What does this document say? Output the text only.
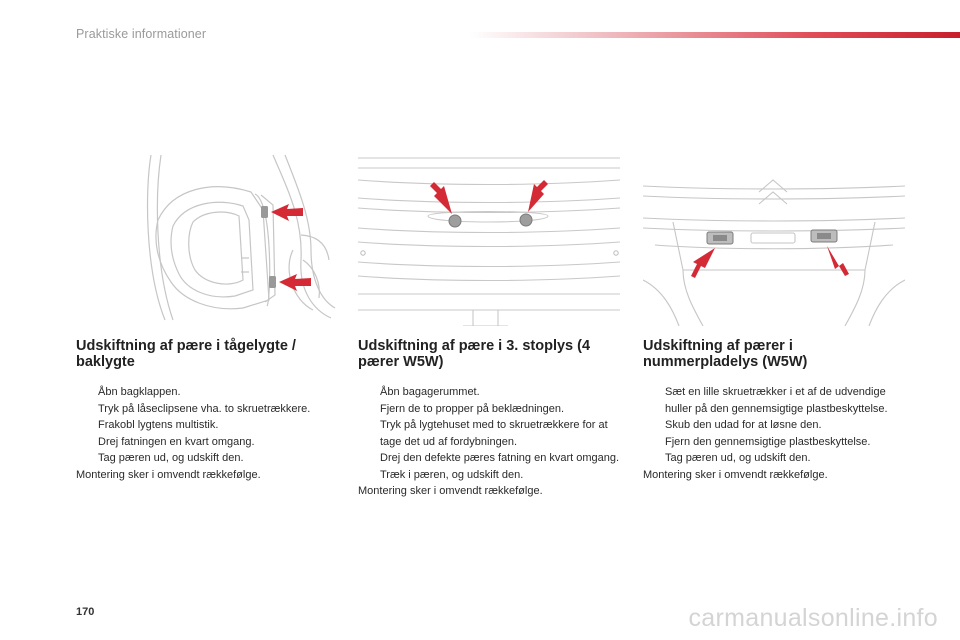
Praktiske informationer
Udskiftning af pære i tågelygte / baklygte
Åbn bagklappen.
Tryk på låseclipsene vha. to skruetrækkere.
Frakobl lygtens multistik.
Drej fatningen en kvart omgang.
Tag pæren ud, og udskift den.

Montering sker i omvendt rækkefølge.

Udskiftning af pære i 3. stoplys (4 pærer W5W)
Åbn bagagerummet.
Fjern de to propper på beklædningen.
Tryk på lygtehuset med to skruetrækkere for at tage det ud af fordybningen.
Drej den defekte pæres fatning en kvart omgang.
Træk i pæren, og udskift den.

Montering sker i omvendt rækkefølge.

Udskiftning af pærer i nummerpladelys (W5W)
Sæt en lille skruetrækker i et af de udvendige huller på den gennemsigtige plastbeskyttelse.
Skub den udad for at løsne den.
Fjern den gennemsigtige plastbeskyttelse.
Tag pæren ud, og udskift den.

Montering sker i omvendt rækkefølge.

170	carmanualsonline.info
